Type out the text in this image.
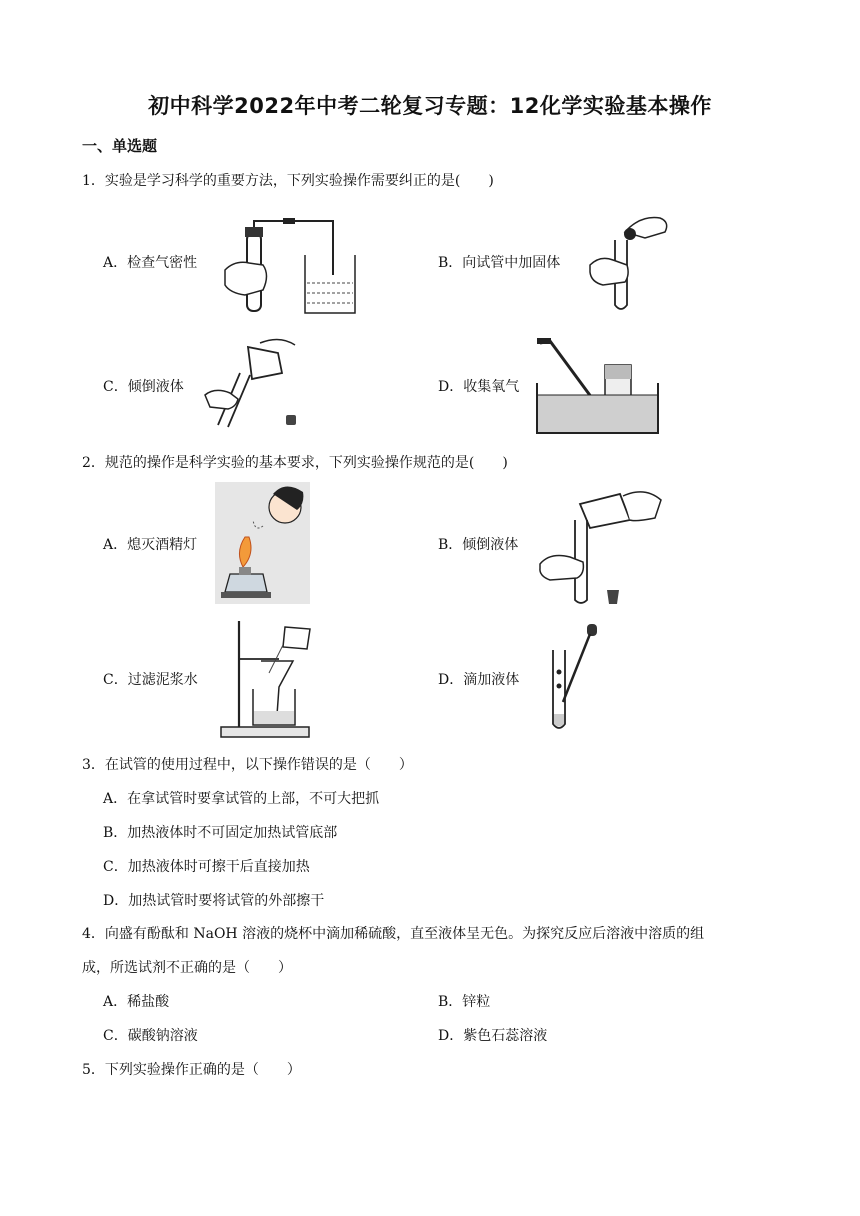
初中科学2022年中考二轮复习专题：12化学实验基本操作
一、单选题
1．实验是学习科学的重要方法，下列实验操作需要纠正的是(　　)
A．检查气密性	B．向试管中加固体
C．倾倒液体	D．收集氧气
2．规范的操作是科学实验的基本要求，下列实验操作规范的是(　　)
A．熄灭酒精灯	B．倾倒液体
C．过滤泥浆水	D．滴加液体
3．在试管的使用过程中，以下操作错误的是（　　）
A．在拿试管时要拿试管的上部，不可大把抓
B．加热液体时不可固定加热试管底部
C．加热液体时可擦干后直接加热
D．加热试管时要将试管的外部擦干
4．向盛有酚酞和 NaOH 溶液的烧杯中滴加稀硫酸，直至液体呈无色。为探究反应后溶液中溶质的组
成，所选试剂不正确的是（　　）
A．稀盐酸	B．锌粒
C．碳酸钠溶液	D．紫色石蕊溶液
5．下列实验操作正确的是（　　）
